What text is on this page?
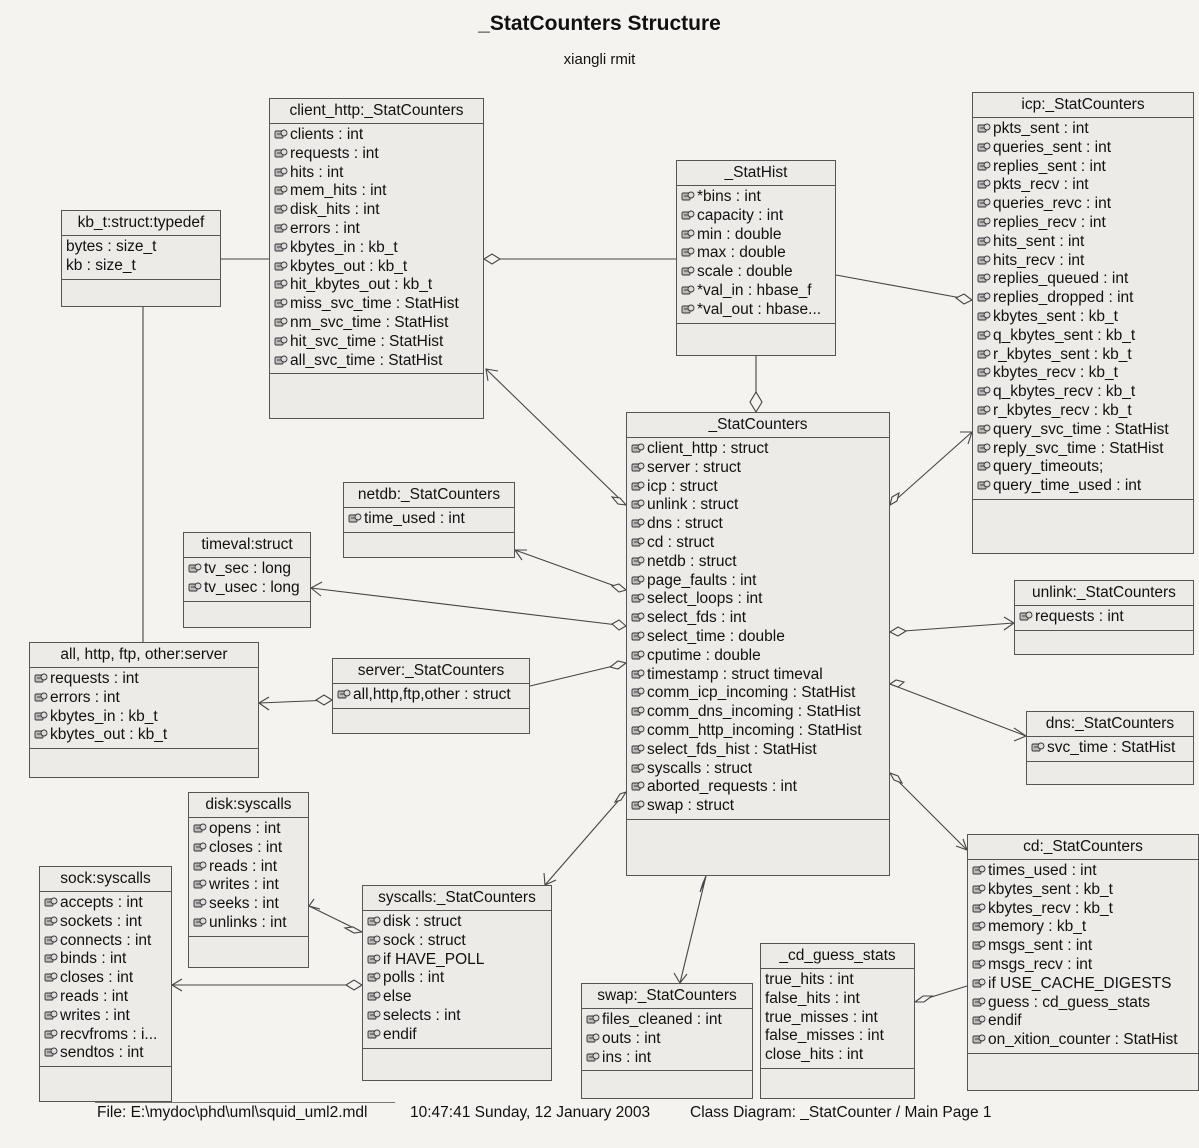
_StatCounters Structure
xiangli rmit
client_http:_StatCounters
clients : int
requests : int
hits : int
mem_hits : int
disk_hits : int
errors : int
kbytes_in : kb_t
kbytes_out : kb_t
hit_kbytes_out : kb_t
miss_svc_time : StatHist
nm_svc_time : StatHist
hit_svc_time : StatHist
all_svc_time : StatHist
kb_t:struct:typedef
bytes : size_t
kb : size_t
_StatHist
*bins : int
capacity : int
min : double
max : double
scale : double
*val_in : hbase_f
*val_out : hbase...
icp:_StatCounters
pkts_sent : int
queries_sent : int
replies_sent : int
pkts_recv : int
queries_revc : int
replies_recv : int
hits_sent : int
hits_recv : int
replies_queued : int
replies_dropped : int
kbytes_sent : kb_t
q_kbytes_sent : kb_t
r_kbytes_sent : kb_t
kbytes_recv : kb_t
q_kbytes_recv : kb_t
r_kbytes_recv : kb_t
query_svc_time : StatHist
reply_svc_time : StatHist
query_timeouts;
query_time_used : int
_StatCounters
client_http : struct
server : struct
icp : struct
unlink : struct
dns : struct
cd : struct
netdb : struct
page_faults : int
select_loops : int
select_fds : int
select_time : double
cputime : double
timestamp : struct timeval
comm_icp_incoming : StatHist
comm_dns_incoming : StatHist
comm_http_incoming : StatHist
select_fds_hist : StatHist
syscalls : struct
aborted_requests : int
swap : struct
netdb:_StatCounters
time_used : int
timeval:struct
tv_sec : long
tv_usec : long
all, http, ftp, other:server
requests : int
errors : int
kbytes_in : kb_t
kbytes_out : kb_t
server:_StatCounters
all,http,ftp,other : struct
unlink:_StatCounters
requests : int
dns:_StatCounters
svc_time : StatHist
disk:syscalls
opens : int
closes : int
reads : int
writes : int
seeks : int
unlinks : int
sock:syscalls
accepts : int
sockets : int
connects : int
binds : int
closes : int
reads : int
writes : int
recvfroms : i...
sendtos : int
syscalls:_StatCounters
disk : struct
sock : struct
if HAVE_POLL
polls : int
else
selects : int
endif
swap:_StatCounters
files_cleaned : int
outs : int
ins : int
_cd_guess_stats
true_hits : int
false_hits : int
true_misses : int
false_misses : int
close_hits : int
cd:_StatCounters
times_used : int
kbytes_sent : kb_t
kbytes_recv : kb_t
memory : kb_t
msgs_sent : int
msgs_recv : int
if USE_CACHE_DIGESTS
guess : cd_guess_stats
endif
on_xition_counter : StatHist
File: E:\mydoc\phd\uml\squid_uml2.mdl	10:47:41 Sunday, 12 January 2003	Class Diagram: _StatCounter / Main Page 1
